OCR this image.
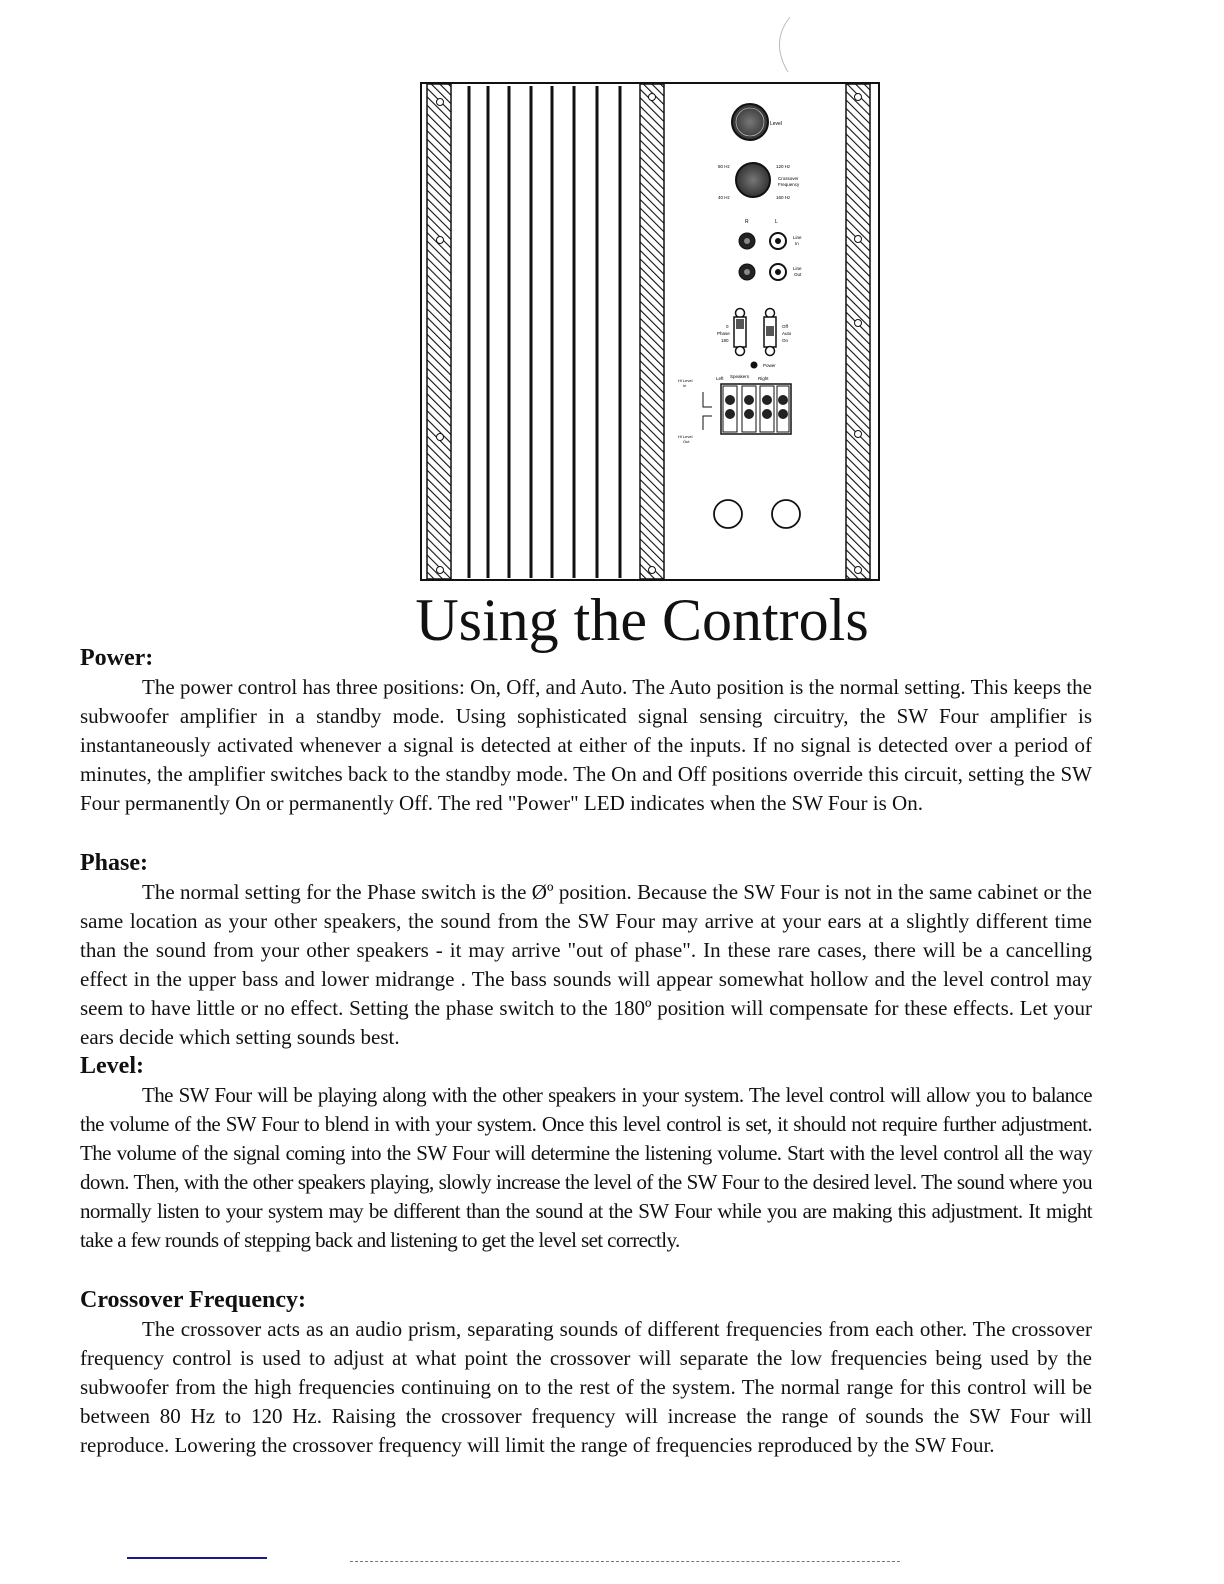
Level
80 Hz	120 Hz
40 Hz	160 Hz
Crossover
Frequency
R	L
Line
In
Line
Out
0
Phase
180
Off
Auto
On
Power
Hi Level
In
Left Speakers Right
Hi Level
Out
Using the Controls
Power:

The power control has three positions: On, Off, and Auto. The Auto position is the normal setting. This keeps the subwoofer amplifier in a standby mode. Using sophisticated signal sensing circuitry, the SW Four amplifier is instantaneously activated whenever a signal is detected at either of the inputs. If no signal is detected over a period of minutes, the amplifier switches back to the standby mode. The On and Off positions override this circuit, setting the SW Four permanently On or permanently Off. The red "Power" LED indicates when the SW Four is On.

Phase:

The normal setting for the Phase switch is the Øº position. Because the SW Four is not in the same cabinet or the same location as your other speakers, the sound from the SW Four may arrive at your ears at a slightly different time than the sound from your other speakers - it may arrive "out of phase". In these rare cases, there will be a cancelling effect in the upper bass and lower midrange . The bass sounds will appear somewhat hollow and the level control may seem to have little or no effect. Setting the phase switch to the 180º position will compensate for these effects. Let your ears decide which setting sounds best.

Level:

The SW Four will be playing along with the other speakers in your system. The level control will allow you to balance the volume of the SW Four to blend in with your system. Once this level control is set, it should not require further adjustment. The volume of the signal coming into the SW Four will determine the listening volume. Start with the level control all the way down. Then, with the other speakers playing, slowly increase the level of the SW Four to the desired level. The sound where you normally listen to your system may be different than the sound at the SW Four while you are making this adjustment. It might take a few rounds of stepping back and listening to get the level set correctly.

Crossover Frequency:

The crossover acts as an audio prism, separating sounds of different frequencies from each other. The crossover frequency control is used to adjust at what point the crossover will separate the low frequencies being used by the subwoofer from the high frequencies continuing on to the rest of the system. The normal range for this control will be between 80 Hz to 120 Hz. Raising the crossover frequency will increase the range of sounds the SW Four will reproduce. Lowering the crossover frequency will limit the range of frequencies reproduced by the SW Four.
